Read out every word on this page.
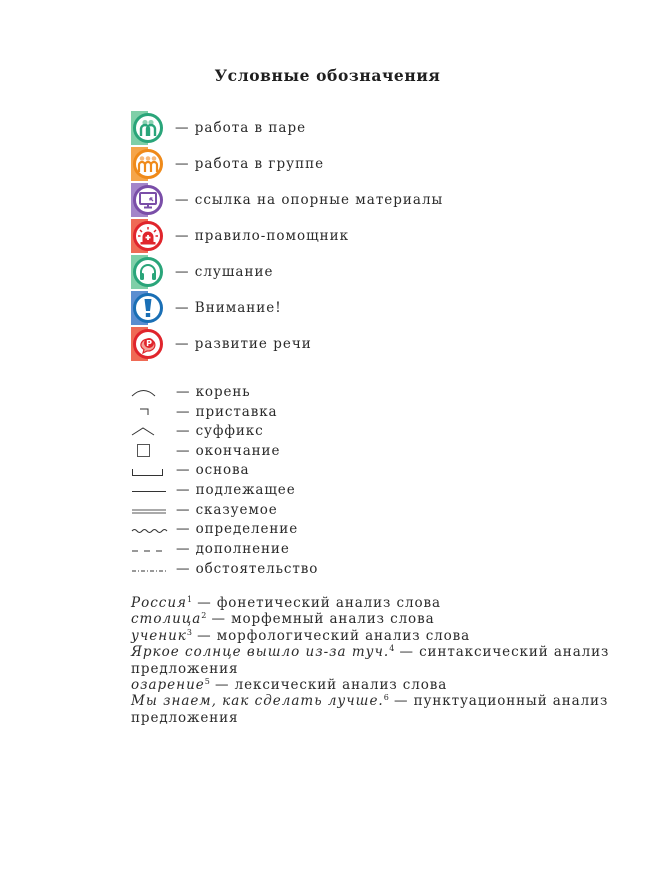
Условные обозначения
— работа в паре
— работа в группе
— ссылка на опорные материалы
— правило-помощник
— слушание
— Внимание!
P — развитие речи
— корень
— приставка
— суффикс
— окончание
— основа
— подлежащее
— сказуемое
— определение
— дополнение
— обстоятельство
Россия$^1$ — фонетический анализ слова
столица$^2$ — морфемный анализ слова
ученик$^3$ — морфологический анализ слова
Яркое солнце вышло из-за туч.$^4$ — синтаксический анализ
предложения
озарение$^5$ — лексический анализ слова
Мы знаем, как сделать лучше.$^6$ — пунктуационный анализ
предложения
